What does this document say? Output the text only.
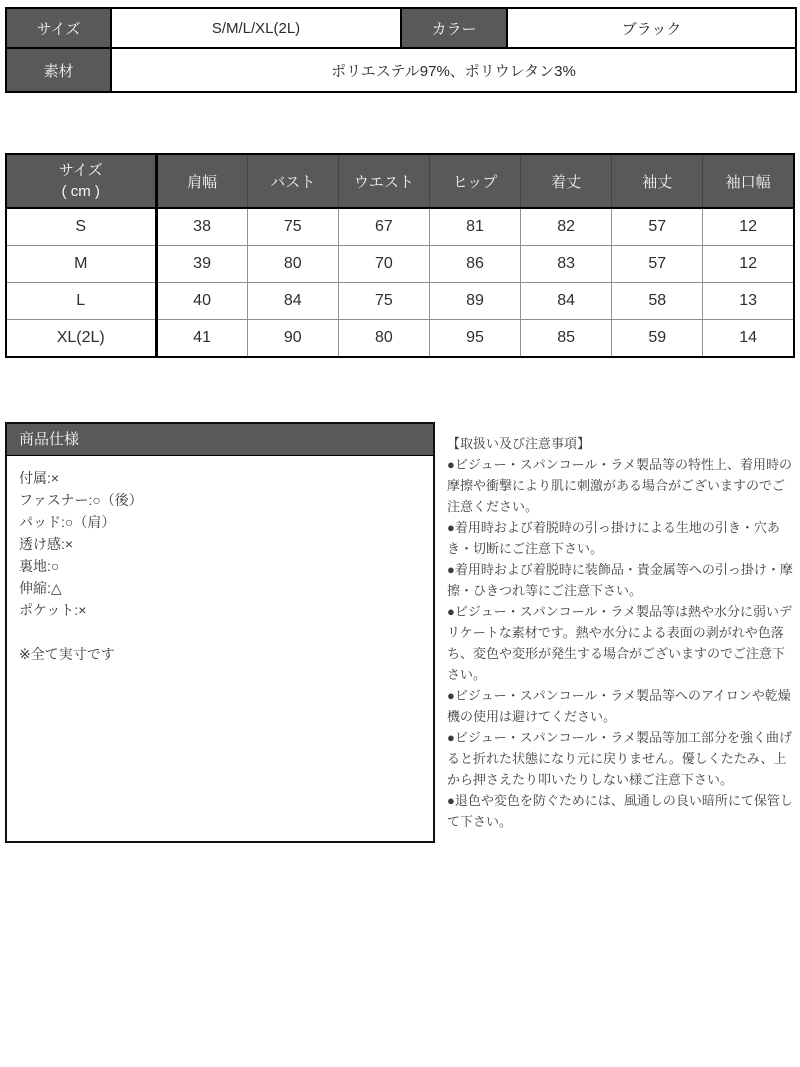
サイズ	S/M/L/XL(2L)	カラー	ブラック
素材	ポリエステル97%、ポリウレタン3%		
サイズ
( cm )	肩幅	バスト	ウエスト	ヒップ	着丈	袖丈	袖口幅
S	38	75	67	81	82	57	12
M	39	80	70	86	83	57	12
L	40	84	75	89	84	58	13
XL(2L)	41	90	80	95	85	59	14
商品仕様

付属:×

ファスナー:○（後）

パッド:○（肩）

透け感:×

裏地:○

伸縮:△

ポケット:×

※全て実寸です

【取扱い及び注意事項】

●ビジュー・スパンコール・ラメ製品等の特性上、着用時の摩擦や衝撃により肌に刺激がある場合がございますのでご注意ください。

●着用時および着脱時の引っ掛けによる生地の引き・穴あき・切断にご注意下さい。

●着用時および着脱時に装飾品・貴金属等への引っ掛け・摩擦・ひきつれ等にご注意下さい。

●ビジュー・スパンコール・ラメ製品等は熱や水分に弱いデリケートな素材です。熱や水分による表面の剥がれや色落ち、変色や変形が発生する場合がございますのでご注意下さい。

●ビジュー・スパンコール・ラメ製品等へのアイロンや乾燥機の使用は避けてください。

●ビジュー・スパンコール・ラメ製品等加工部分を強く曲げると折れた状態になり元に戻りません。優しくたたみ、上から押さえたり叩いたりしない様ご注意下さい。

●退色や変色を防ぐためには、風通しの良い暗所にて保管して下さい。
